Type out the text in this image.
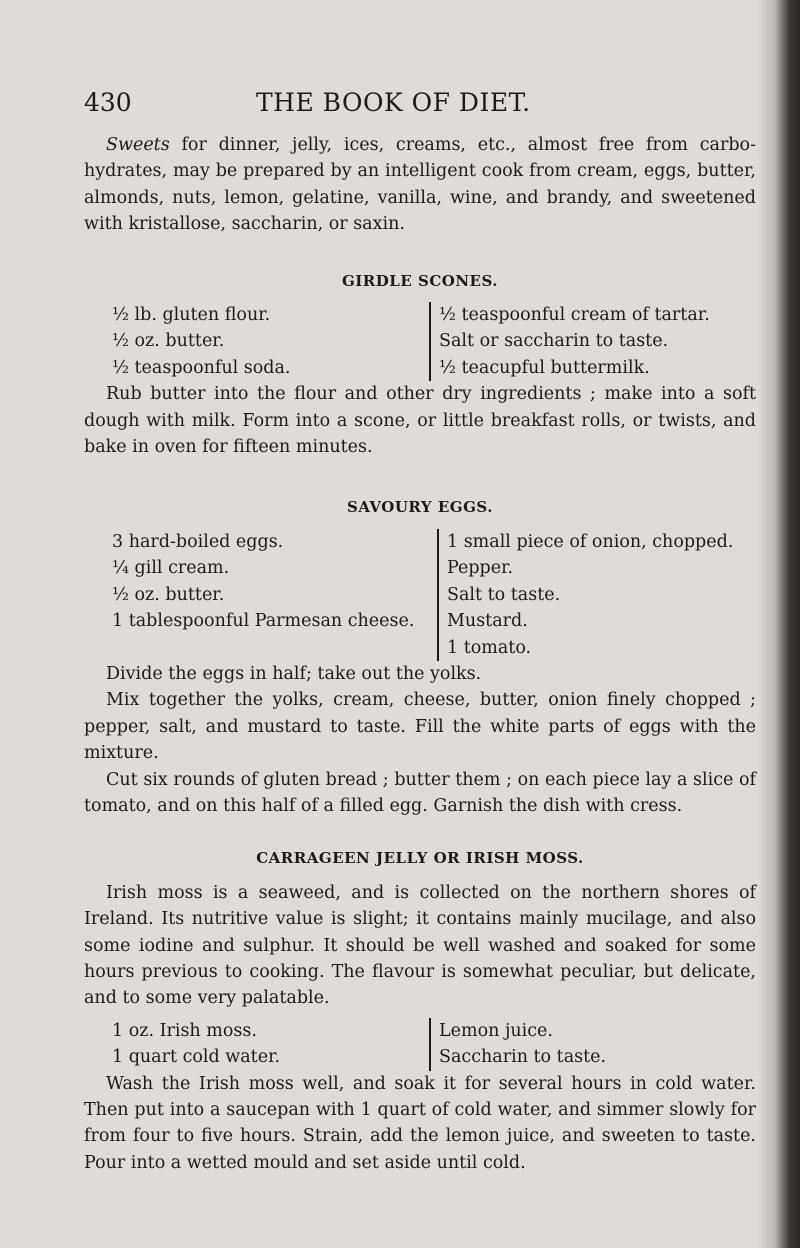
430	THE BOOK OF DIET.

Sweets for dinner, jelly, ices, creams, etc., almost free from carbo-hydrates, may be prepared by an intelligent cook from cream, eggs, butter, almonds, nuts, lemon, gelatine, vanilla, wine, and brandy, and sweetened with kristallose, saccharin, or saxin.

GIRDLE SCONES.
½ lb. gluten flour.
½ oz. butter.
½ teaspoonful soda.
½ teaspoonful cream of tartar.
Salt or saccharin to taste.
½ teacupful buttermilk.

Rub butter into the flour and other dry ingredients ; make into a soft dough with milk. Form into a scone, or little breakfast rolls, or twists, and bake in oven for fifteen minutes.

SAVOURY EGGS.
3 hard-boiled eggs.
¼ gill cream.
½ oz. butter.
1 tablespoonful Parmesan cheese.
1 small piece of onion, chopped.
Pepper.
Salt to taste.
Mustard.
1 tomato.

Divide the eggs in half; take out the yolks.

Mix together the yolks, cream, cheese, butter, onion finely chopped ; pepper, salt, and mustard to taste. Fill the white parts of eggs with the mixture.

Cut six rounds of gluten bread ; butter them ; on each piece lay a slice of tomato, and on this half of a filled egg. Garnish the dish with cress.

CARRAGEEN JELLY OR IRISH MOSS.

Irish moss is a seaweed, and is collected on the northern shores of Ireland. Its nutritive value is slight; it contains mainly mucilage, and also some iodine and sulphur. It should be well washed and soaked for some hours previous to cooking. The flavour is somewhat peculiar, but delicate, and to some very palatable.

1 oz. Irish moss.
1 quart cold water.
Lemon juice.
Saccharin to taste.

Wash the Irish moss well, and soak it for several hours in cold water. Then put into a saucepan with 1 quart of cold water, and simmer slowly for from four to five hours. Strain, add the lemon juice, and sweeten to taste. Pour into a wetted mould and set aside until cold.
